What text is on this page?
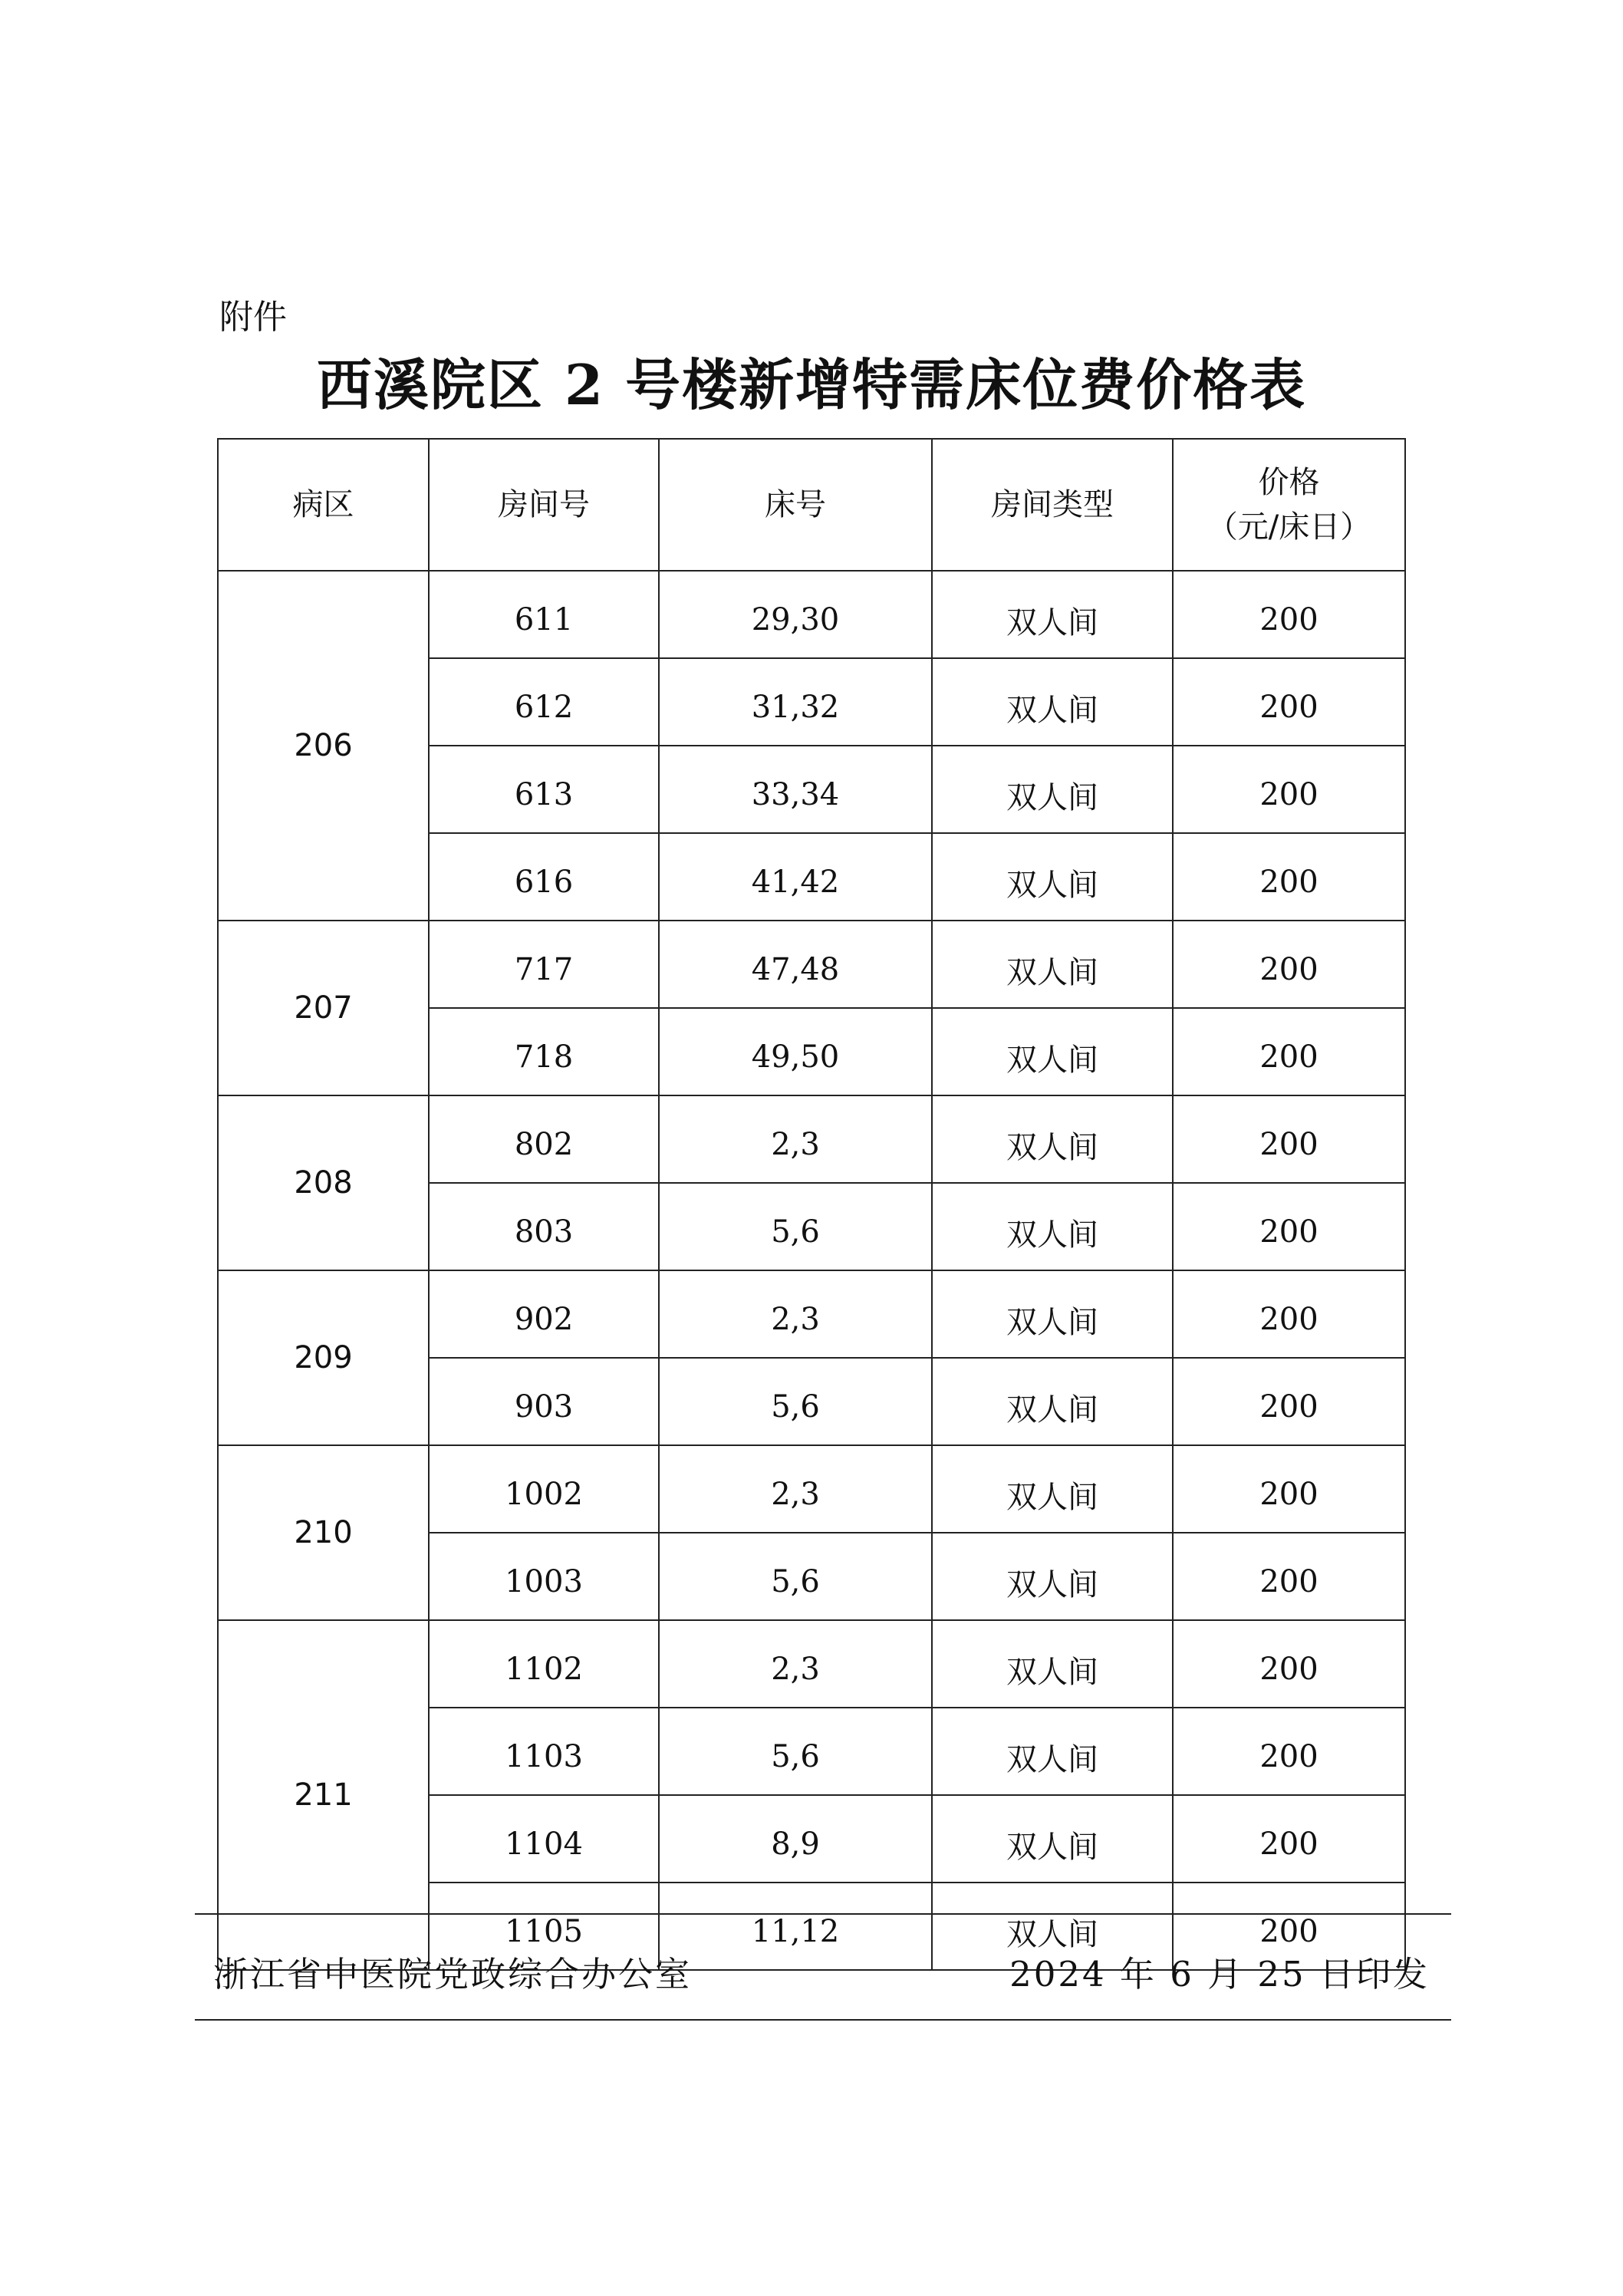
附件
西溪院区 2 号楼新增特需床位费价格表
病区	房间号	床号	房间类型	价格
（元/床日）

206	611	29,30	双人间	200
	612	31,32	双人间	200
	613	33,34	双人间	200
	616	41,42	双人间	200
207	717	47,48	双人间	200
	718	49,50	双人间	200
208	802	2,3	双人间	200
	803	5,6	双人间	200
209	902	2,3	双人间	200
	903	5,6	双人间	200
210	1002	2,3	双人间	200
	1003	5,6	双人间	200
211	1102	2,3	双人间	200
	1103	5,6	双人间	200
	1104	8,9	双人间	200
	1105	11,12	双人间	200
浙江省中医院党政综合办公室	2024 年 6 月 25 日印发
